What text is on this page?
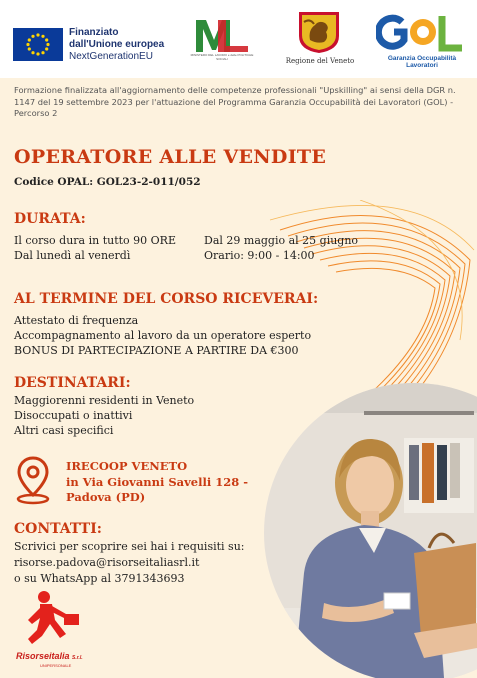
Finanziato
dall'Unione europea
NextGenerationEU	MINISTERO DEL LAVORO e delle POLITICHE SOCIALI	Regione del Veneto	Garanzia Occupabilità Lavoratori
Formazione finalizzata all'aggiornamento delle competenze professionali "Upskilling" ai sensi della DGR n. 1147 del 19 settembre 2023 per l'attuazione del Programma Garanzia Occupabilità dei Lavoratori (GOL) - Percorso 2
OPERATORE ALLE VENDITE
Codice OPAL: GOL23-2-011/052
DURATA:
Il corso dura in tutto 90 ORE
Dal lunedì al venerdì
Dal 29 maggio al 25 giugno
Orario: 9:00 - 14:00
AL TERMINE DEL CORSO RICEVERAI:
Attestato di frequenza
Accompagnamento al lavoro da un operatore esperto
BONUS DI PARTECIPAZIONE A PARTIRE DA €300
DESTINATARI:
Maggiorenni residenti in Veneto
Disoccupati o inattivi
Altri casi specifici
IRECOOP VENETO
in Via Giovanni Savelli 128 -
Padova (PD)
CONTATTI:
Scrivici per scoprire sei hai i requisiti su:
risorse.padova@risorseitaliasrl.it
o su WhatsApp al 3791343693
Risorseitalia S.r.l.
UNIPERSONALE
